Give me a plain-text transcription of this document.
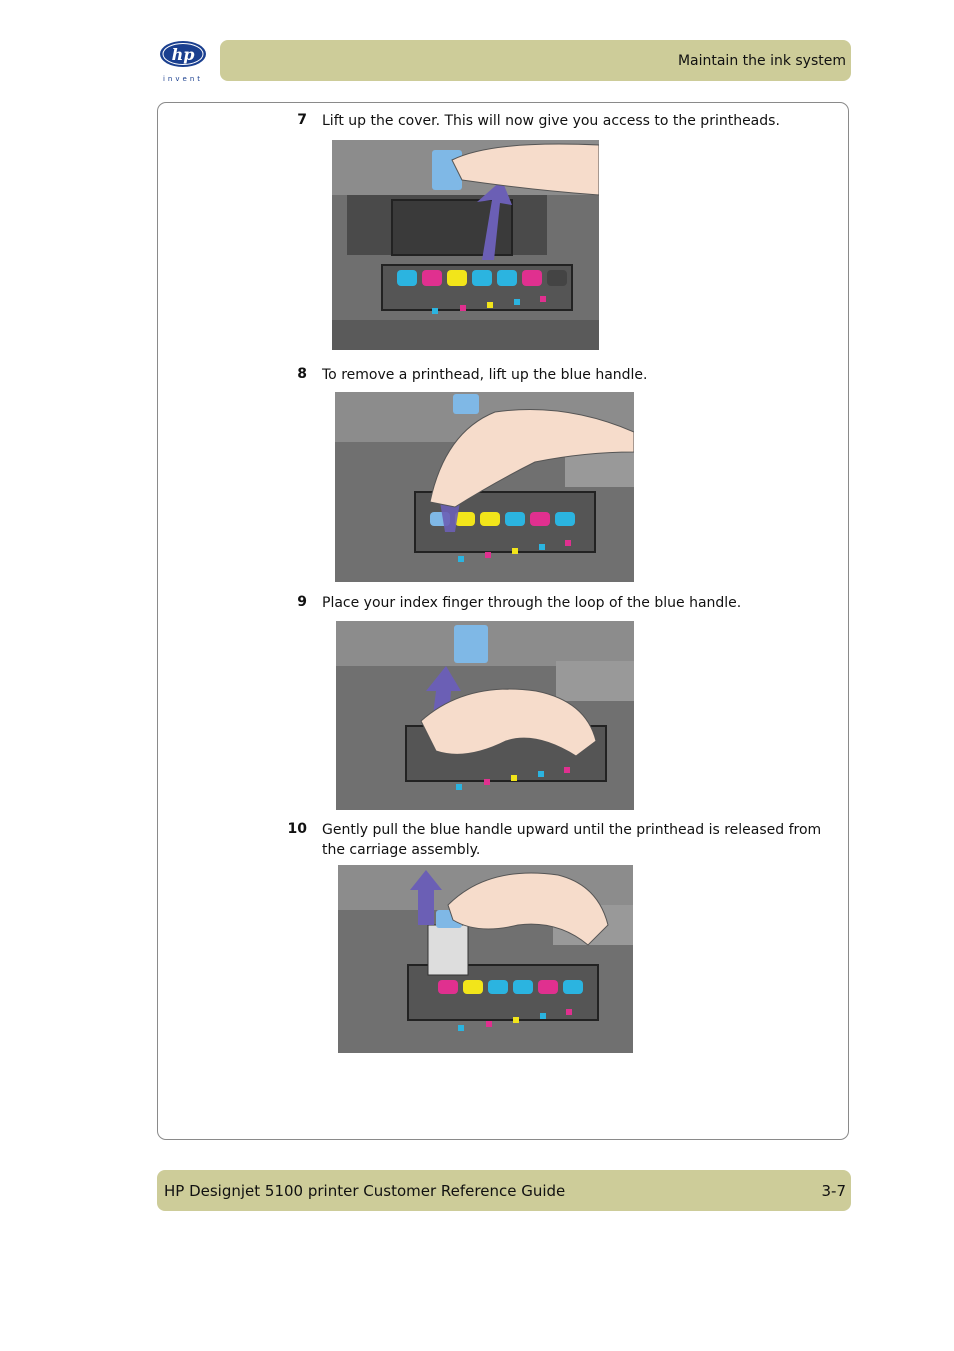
hp
invent
Maintain the ink system
7 Lift up the cover. This will now give you access to the printheads.
8 To remove a printhead, lift up the blue handle.
9 Place your index finger through the loop of the blue handle.
10 Gently pull the blue handle upward until the printhead is released from the carriage assembly.
HP Designjet 5100 printer Customer Reference Guide	3-7
